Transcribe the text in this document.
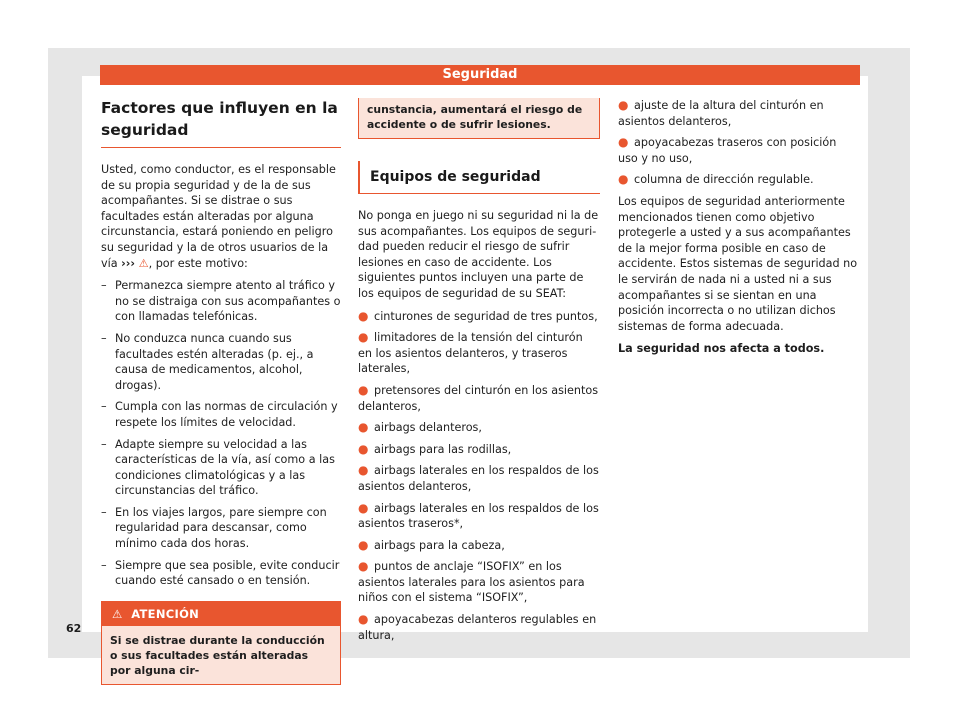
Seguridad
Factores que influyen en la seguridad

Usted, como conductor, es el responsable de su propia seguridad y de la de sus acompañantes. Si se distrae o sus facultades están alteradas por alguna circunstancia, estará poniendo en peligro su seguridad y la de otros usuarios de la vía ››› ⚠, por este motivo:

– Permanezca siempre atento al tráfico y no se distraiga con sus acompañantes o con llamadas telefónicas.
– No conduzca nunca cuando sus facultades estén alteradas (p. ej., a causa de medicamentos, alcohol, drogas).
– Cumpla con las normas de circulación y respete los límites de velocidad.
– Adapte siempre su velocidad a las características de la vía, así como a las condiciones climatológicas y a las circunstancias del tráfico.
– En los viajes largos, pare siempre con regularidad para descansar, como mínimo cada dos horas.
– Siempre que sea posible, evite conducir cuando esté cansado o en tensión.
⚠ ATENCIÓN
Si se distrae durante la conducción o sus facultades están alteradas por alguna cir-
cunstancia, aumentará el riesgo de accidente o de sufrir lesiones.
Equipos de seguridad

No ponga en juego ni su seguridad ni la de sus acompañantes. Los equipos de seguridad pueden reducir el riesgo de sufrir lesiones en caso de accidente. Los siguientes puntos incluyen una parte de los equipos de seguridad de su SEAT:

● cinturones de seguridad de tres puntos,
● limitadores de la tensión del cinturón en los asientos delanteros, y traseros laterales,
● pretensores del cinturón en los asientos delanteros,
● airbags delanteros,
● airbags para las rodillas,
● airbags laterales en los respaldos de los asientos delanteros,
● airbags laterales en los respaldos de los asientos traseros*,
● airbags para la cabeza,
● puntos de anclaje “ISOFIX” en los asientos laterales para los asientos para niños con el sistema “ISOFIX”,
● apoyacabezas delanteros regulables en altura,
● ajuste de la altura del cinturón en asientos delanteros,
● apoyacabezas traseros con posición uso y no uso,
● columna de dirección regulable.

Los equipos de seguridad anteriormente mencionados tienen como objetivo protegerle a usted y a sus acompañantes de la mejor forma posible en caso de accidente. Estos sistemas de seguridad no le servirán de nada ni a usted ni a sus acompañantes si se sientan en una posición incorrecta o no utilizan dichos sistemas de forma adecuada.

La seguridad nos afecta a todos.

62
